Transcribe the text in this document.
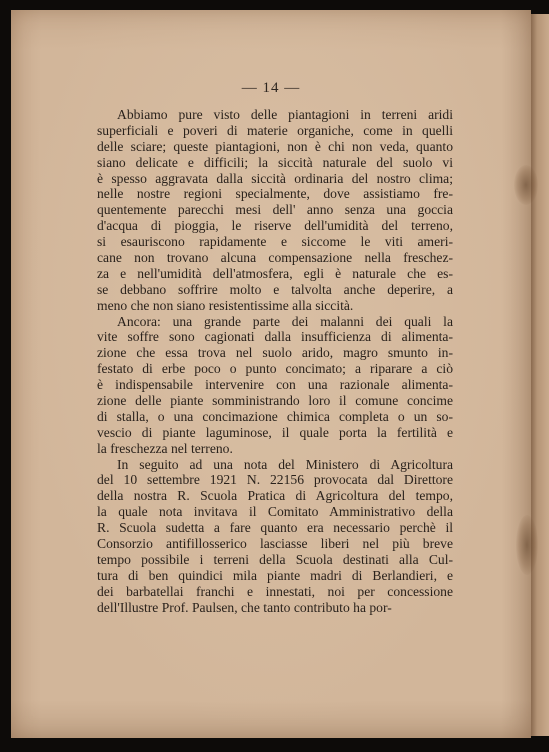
— 14 —
Abbiamo pure visto delle piantagioni in terreni aridi
superficiali e poveri di materie organiche, come in quelli
delle sciare; queste piantagioni, non è chi non veda, quanto
siano delicate e difficili; la siccità naturale del suolo vi
è spesso aggravata dalla siccità ordinaria del nostro clima;
nelle nostre regioni specialmente, dove assistiamo fre-
quentemente parecchi mesi dell' anno senza una goccia
d'acqua di pioggia, le riserve dell'umidità del terreno,
si esauriscono rapidamente e siccome le viti ameri-
cane non trovano alcuna compensazione nella freschez-
za e nell'umidità dell'atmosfera, egli è naturale che es-
se debbano soffrire molto e talvolta anche deperire, a
meno che non siano resistentissime alla siccità.
Ancora: una grande parte dei malanni dei quali la
vite soffre sono cagionati dalla insufficienza di alimenta-
zione che essa trova nel suolo arido, magro smunto in-
festato di erbe poco o punto concimato; a riparare a ciò
è indispensabile intervenire con una razionale alimenta-
zione delle piante somministrando loro il comune concime
di stalla, o una concimazione chimica completa o un so-
vescio di piante laguminose, il quale porta la fertilità e
la freschezza nel terreno.
In seguito ad una nota del Ministero di Agricoltura
del 10 settembre 1921 N. 22156 provocata dal Direttore
della nostra R. Scuola Pratica di Agricoltura del tempo,
la quale nota invitava il Comitato Amministrativo della
R. Scuola sudetta a fare quanto era necessario perchè il
Consorzio antifillosserico lasciasse liberi nel più breve
tempo possibile i terreni della Scuola destinati alla Cul-
tura di ben quindici mila piante madri di Berlandieri, e
dei barbatellai franchi e innestati, noi per concessione
dell'Illustre Prof. Paulsen, che tanto contributo ha por-
